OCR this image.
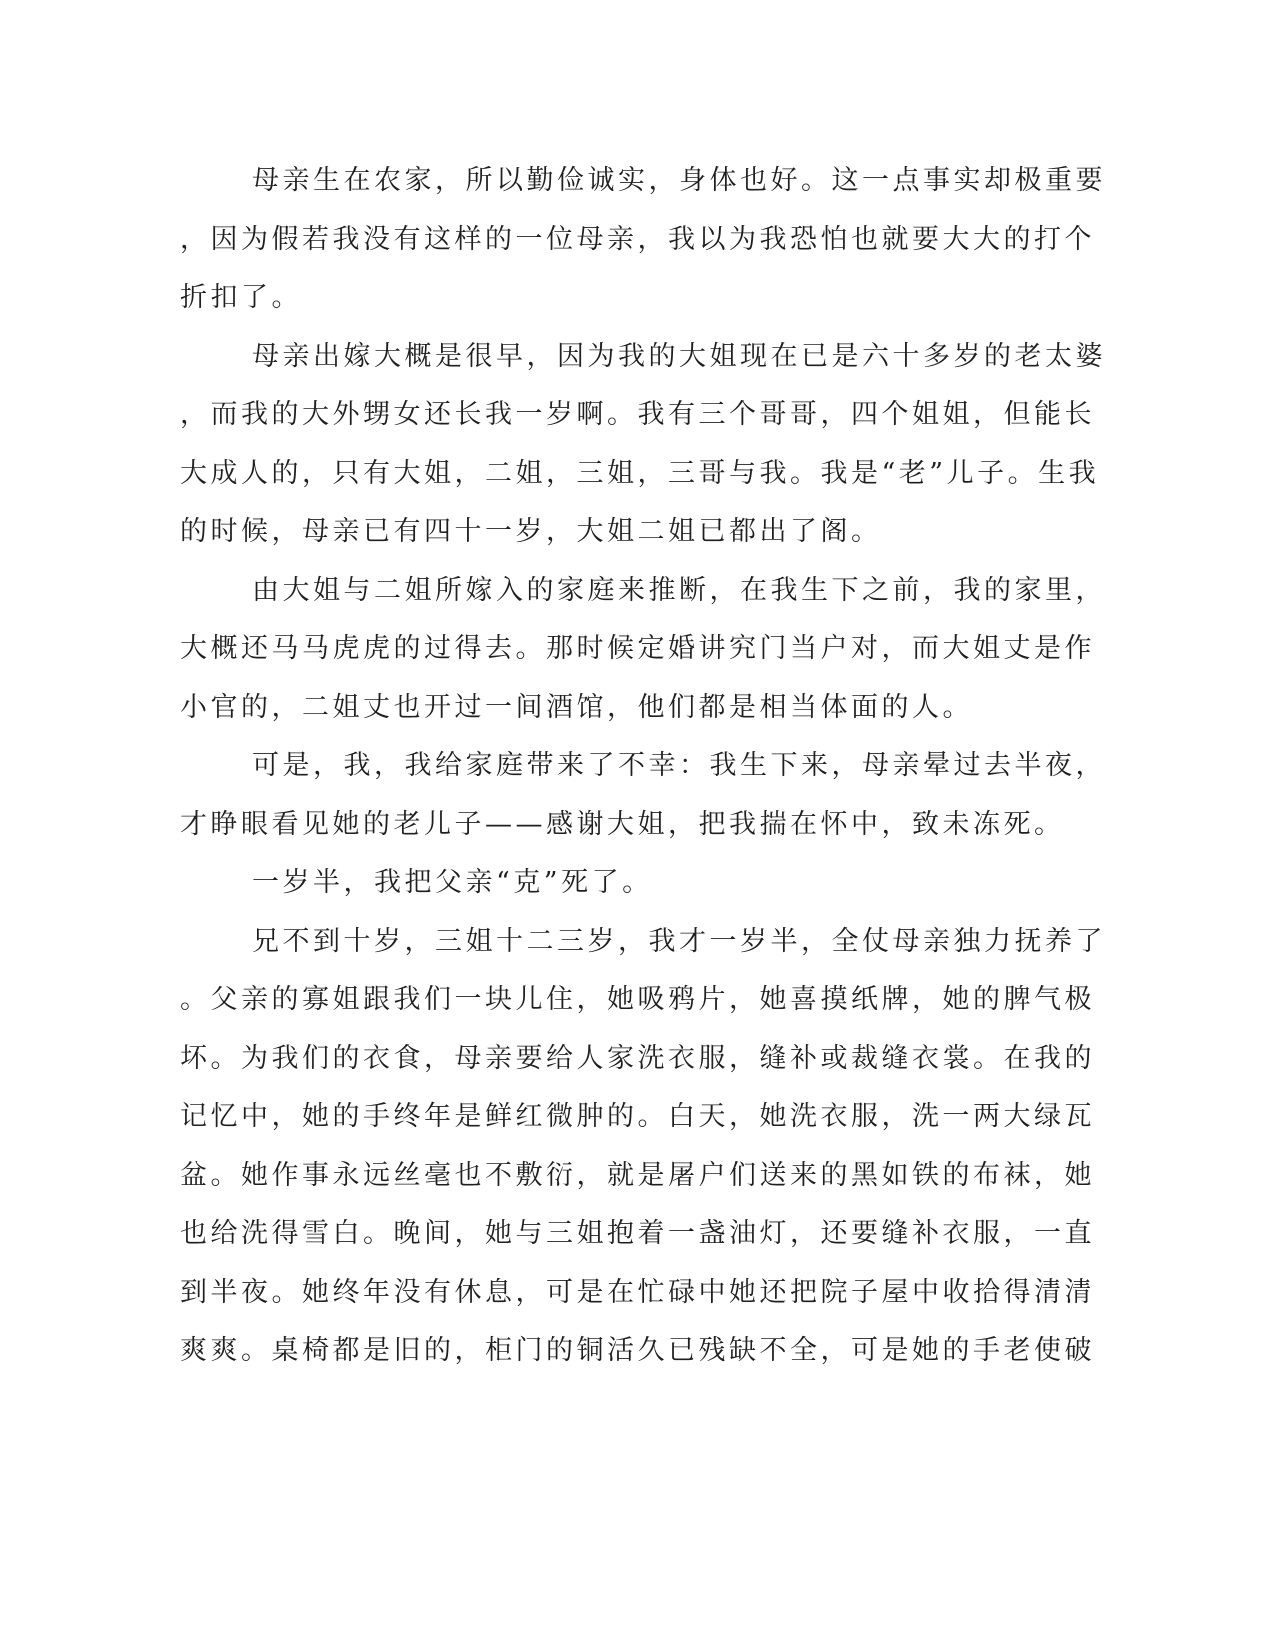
母亲生在农家，所以勤俭诚实，身体也好。这一点事实却极重要
，因为假若我没有这样的一位母亲，我以为我恐怕也就要大大的打个
折扣了。
母亲出嫁大概是很早，因为我的大姐现在已是六十多岁的老太婆
，而我的大外甥女还长我一岁啊。我有三个哥哥，四个姐姐，但能长
大成人的，只有大姐，二姐，三姐，三哥与我。我是“老”儿子。生我
的时候，母亲已有四十一岁，大姐二姐已都出了阁。
由大姐与二姐所嫁入的家庭来推断，在我生下之前，我的家里，
大概还马马虎虎的过得去。那时候定婚讲究门当户对，而大姐丈是作
小官的，二姐丈也开过一间酒馆，他们都是相当体面的人。
可是，我，我给家庭带来了不幸：我生下来，母亲晕过去半夜，
才睁眼看见她的老儿子——感谢大姐，把我揣在怀中，致未冻死。
一岁半，我把父亲“克”死了。
兄不到十岁，三姐十二三岁，我才一岁半，全仗母亲独力抚养了
。父亲的寡姐跟我们一块儿住，她吸鸦片，她喜摸纸牌，她的脾气极
坏。为我们的衣食，母亲要给人家洗衣服，缝补或裁缝衣裳。在我的
记忆中，她的手终年是鲜红微肿的。白天，她洗衣服，洗一两大绿瓦
盆。她作事永远丝毫也不敷衍，就是屠户们送来的黑如铁的布袜，她
也给洗得雪白。晚间，她与三姐抱着一盏油灯，还要缝补衣服，一直
到半夜。她终年没有休息，可是在忙碌中她还把院子屋中收拾得清清
爽爽。桌椅都是旧的，柜门的铜活久已残缺不全，可是她的手老使破
